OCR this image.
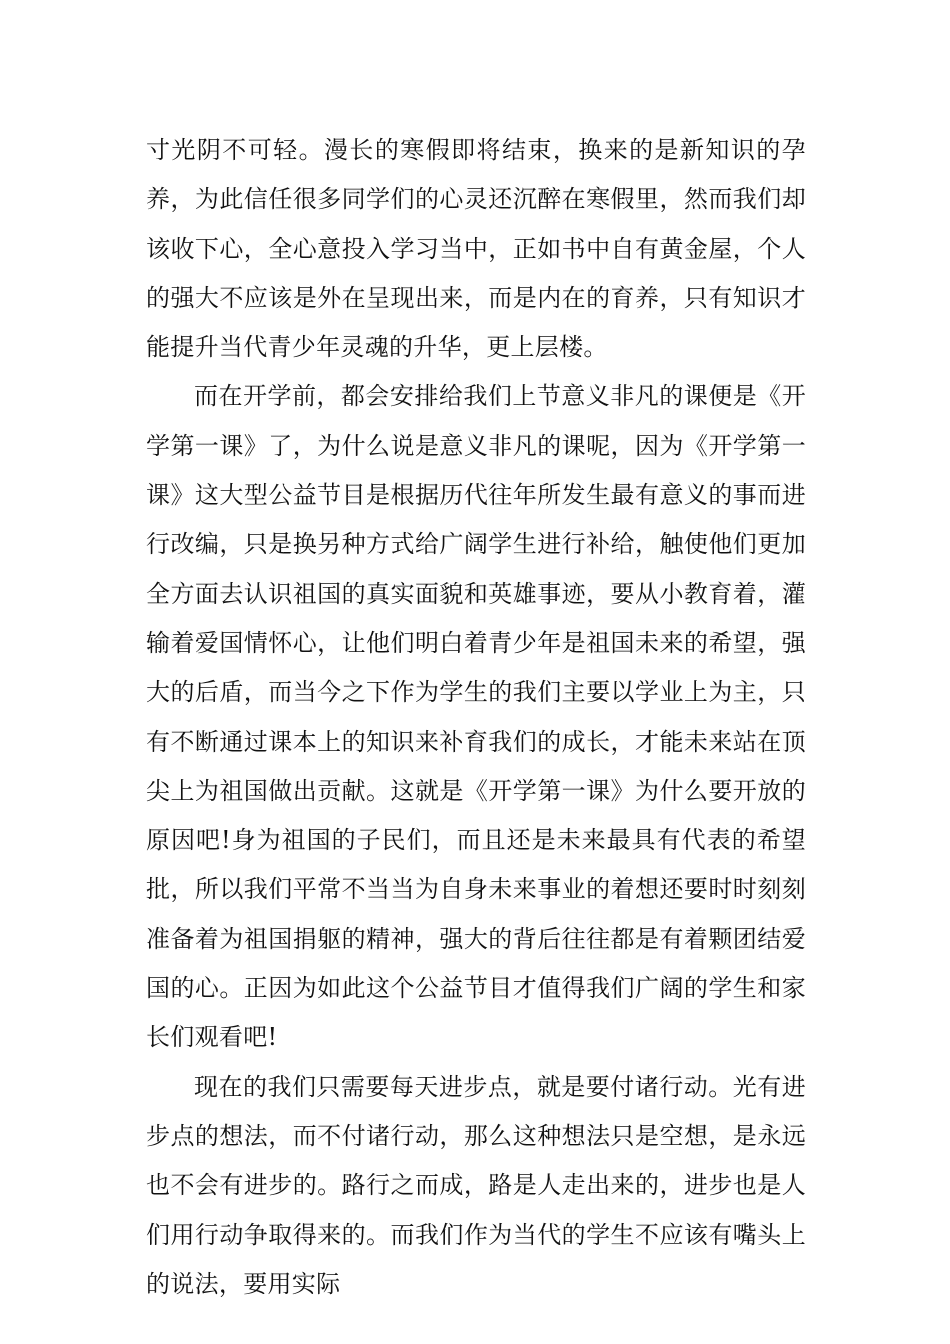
寸光阴不可轻。漫长的寒假即将结束，换来的是新知识的孕养，为此信任很多同学们的心灵还沉醉在寒假里，然而我们却该收下心，全心意投入学习当中，正如书中自有黄金屋，个人的强大不应该是外在呈现出来，而是内在的育养，只有知识才能提升当代青少年灵魂的升华，更上层楼。

而在开学前，都会安排给我们上节意义非凡的课便是《开学第一课》了，为什么说是意义非凡的课呢，因为《开学第一课》这大型公益节目是根据历代往年所发生最有意义的事而进行改编，只是换另种方式给广阔学生进行补给，触使他们更加全方面去认识祖国的真实面貌和英雄事迹，要从小教育着，灌输着爱国情怀心，让他们明白着青少年是祖国未来的希望，强大的后盾，而当今之下作为学生的我们主要以学业上为主，只有不断通过课本上的知识来补育我们的成长，才能未来站在顶尖上为祖国做出贡献。这就是《开学第一课》为什么要开放的原因吧!身为祖国的子民们，而且还是未来最具有代表的希望批，所以我们平常不当当为自身未来事业的着想还要时时刻刻准备着为祖国捐躯的精神，强大的背后往往都是有着颗团结爱国的心。正因为如此这个公益节目才值得我们广阔的学生和家长们观看吧!

现在的我们只需要每天进步点，就是要付诸行动。光有进步点的想法，而不付诸行动，那么这种想法只是空想，是永远也不会有进步的。路行之而成，路是人走出来的，进步也是人们用行动争取得来的。而我们作为当代的学生不应该有嘴头上的说法，要用实际
